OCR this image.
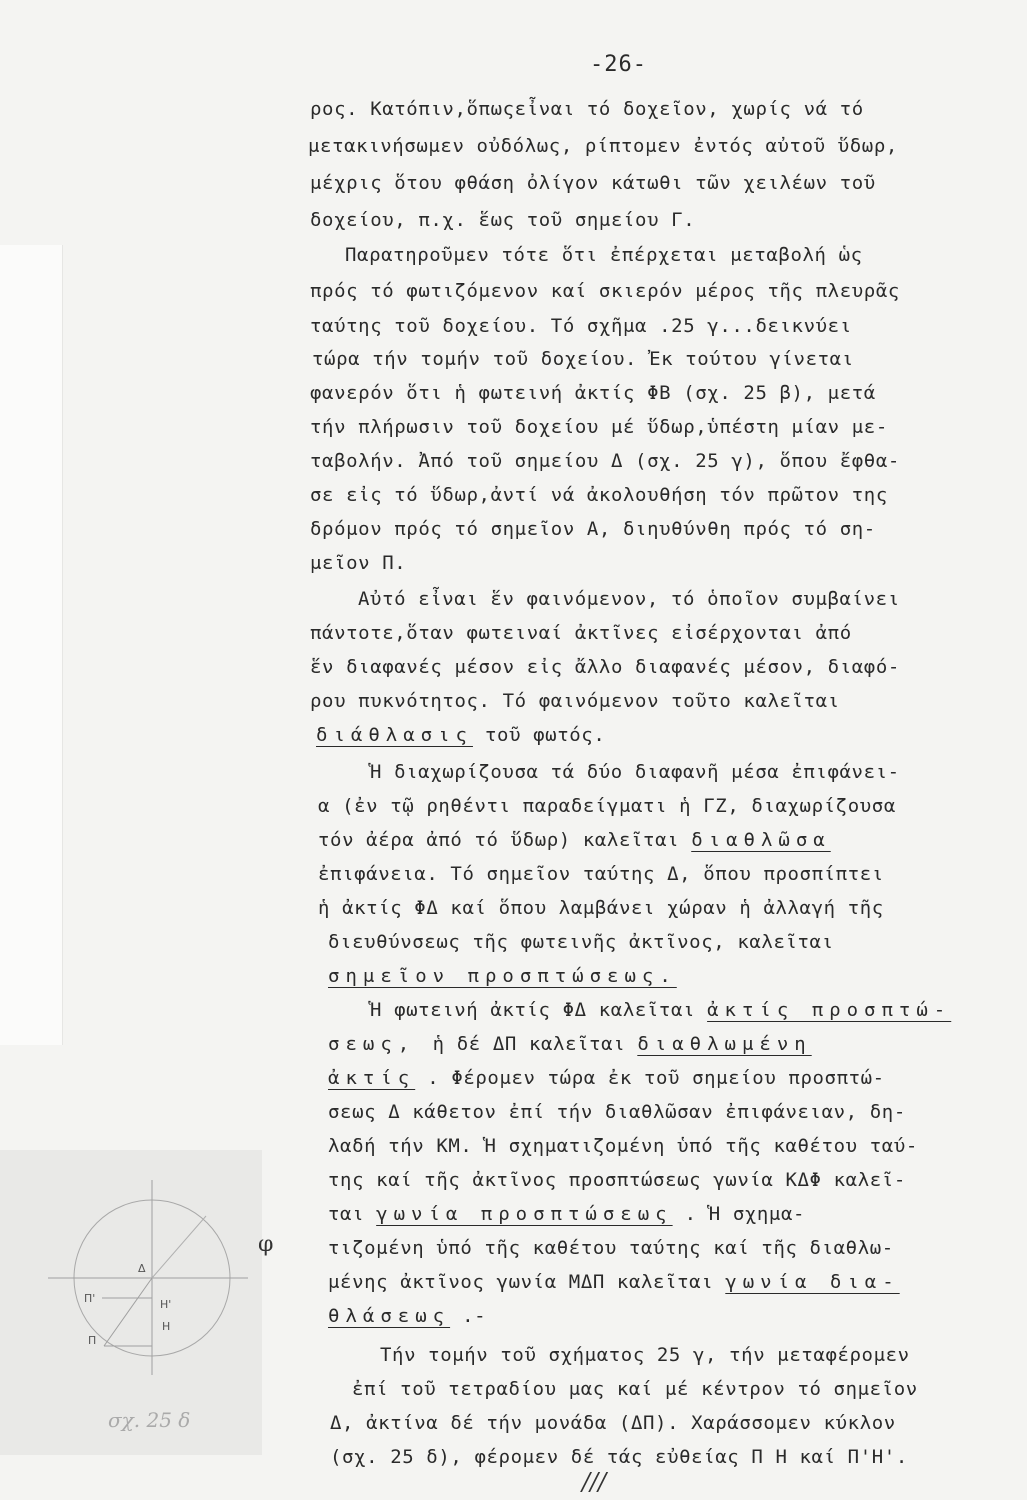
-26-
ρος. Κατόπιν,ὅπωςεἶναι τό δοχεῖον, χωρίς νά τό
μετακινήσωμεν οὐδόλως, ρίπτομεν ἐντός αὐτοῦ ὕδωρ,
μέχρις ὅτου φθάση ὀλίγον κάτωθι τῶν χειλέων τοῦ
δοχείου, π.χ. ἕως τοῦ σημείου Γ.
Παρατηροῦμεν τότε ὅτι ἐπέρχεται μεταβολή ὡς
πρός τό φωτιζόμενον καί σκιερόν μέρος τῆς πλευρᾶς
ταύτης τοῦ δοχείου. Τό σχῆμα .25 γ...δεικνύει
τώρα τήν τομήν τοῦ δοχείου. Ἐκ τούτου γίνεται
φανερόν ὅτι ἡ φωτεινή ἀκτίς ΦΒ (σχ. 25 β), μετά
τήν πλήρωσιν τοῦ δοχείου μέ ὕδωρ,ὑπέστη μίαν με-
ταβολήν. Ἀπό τοῦ σημείου Δ (σχ. 25 γ), ὅπου ἔφθα-
σε εἰς τό ὕδωρ,ἀντί νά ἀκολουθήση τόν πρῶτον της
δρόμον πρός τό σημεῖον Α, διηυθύνθη πρός τό ση-
μεῖον Π.
Αὐτό εἶναι ἕν φαινόμενον, τό ὁποῖον συμβαίνει
πάντοτε,ὅταν φωτειναί ἀκτῖνες εἰσέρχονται ἀπό
ἕν διαφανές μέσον εἰς ἄλλο διαφανές μέσον, διαφό-
ρου πυκνότητος. Τό φαινόμενον τοῦτο καλεῖται
διάθλασις τοῦ φωτός.
Ἡ διαχωρίζουσα τά δύο διαφανῆ μέσα ἐπιφάνει-
α (ἐν τῷ ρηθέντι παραδείγματι ἡ ΓΖ, διαχωρίζουσα
τόν ἀέρα ἀπό τό ὕδωρ) καλεῖται διαθλῶσα
ἐπιφάνεια. Τό σημεῖον ταύτης Δ, ὅπου προσπίπτει
ἡ ἀκτίς ΦΔ καί ὅπου λαμβάνει χώραν ἡ ἀλλαγή τῆς
διευθύνσεως τῆς φωτεινῆς ἀκτῖνος, καλεῖται
σημεῖον προσπτώσεως.
Ἡ φωτεινή ἀκτίς ΦΔ καλεῖται ἀκτίς προσπτώ-
σεως, ἡ δέ ΔΠ καλεῖται διαθλωμένη
ἀκτίς . Φέρομεν τώρα ἐκ τοῦ σημείου προσπτώ-
σεως Δ κάθετον ἐπί τήν διαθλῶσαν ἐπιφάνειαν, δη-
λαδή τήν ΚΜ. Ἡ σχηματιζομένη ὑπό τῆς καθέτου ταύ-
της καί τῆς ἀκτῖνος προσπτώσεως γωνία ΚΔΦ καλεῖ-
ται γωνία προσπτώσεως . Ἡ σχημα-
τιζομένη ὑπό τῆς καθέτου ταύτης καί τῆς διαθλω-
μένης ἀκτῖνος γωνία ΜΔΠ καλεῖται γωνία δια-
θλάσεως .-
Τήν τομήν τοῦ σχήματος 25 γ, τήν μεταφέρομεν
ἐπί τοῦ τετραδίου μας καί μέ κέντρον τό σημεῖον
Δ, ἀκτίνα δέ τήν μονάδα (ΔΠ). Χαράσσομεν κύκλον
(σχ. 25 δ), φέρομεν δέ τάς εὐθείας Π Η καί Π'Η'.
Δ
Η'
Η
Π
Π'
σχ. 25 δ
φ
///
